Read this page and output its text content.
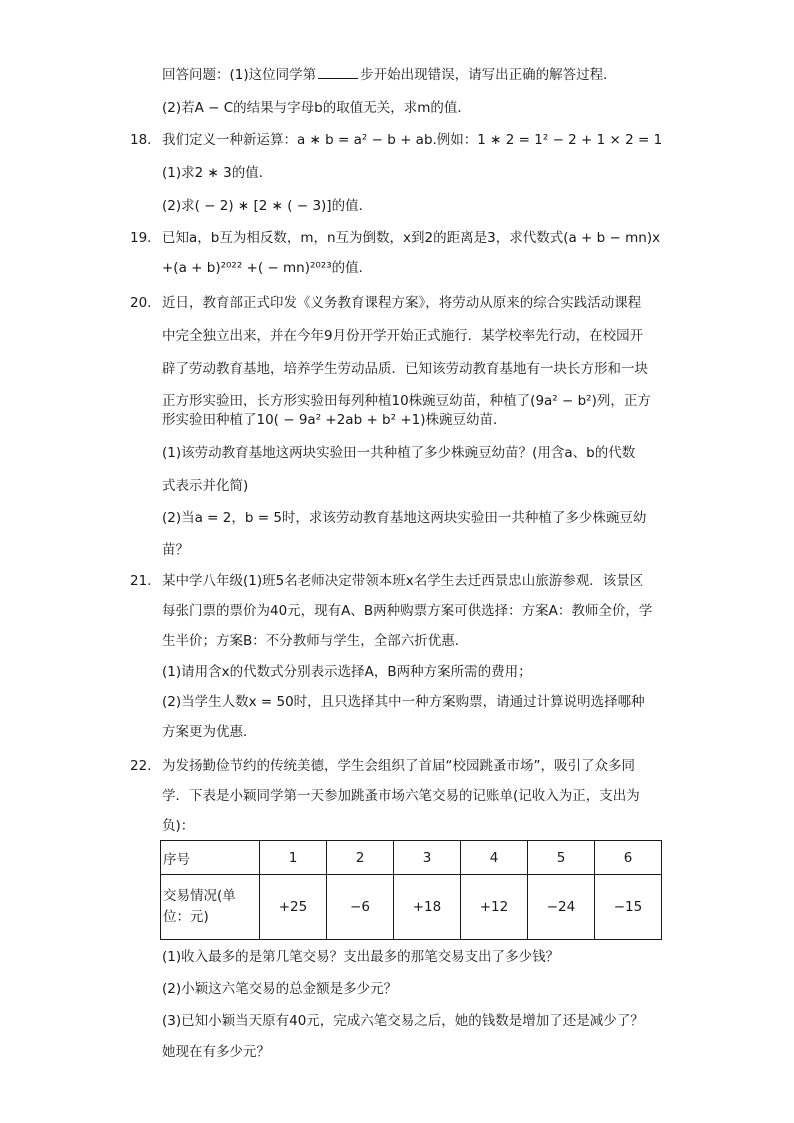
回答问题：(1)这位同学第	步开始出现错误，请写出正确的解答过程．
(2)若A − C的结果与字母b的取值无关，求m的值．
18. 我们定义一种新运算：a ∗ b = a² − b + ab.例如：1 ∗ 2 = 1² − 2 + 1 × 2 = 1
(1)求2 ∗ 3的值．
(2)求( − 2) ∗ [2 ∗ ( − 3)]的值．
19. 已知a，b互为相反数，m，n互为倒数，x到2的距离是3，求代数式(a + b − mn)x
+(a + b)²⁰²² +( − mn)²⁰²³的值．
20. 近日，教育部正式印发《义务教育课程方案》，将劳动从原来的综合实践活动课程
中完全独立出来，并在今年9月份开学开始正式施行．某学校率先行动，在校园开
辟了劳动教育基地，培养学生劳动品质．已知该劳动教育基地有一块长方形和一块
正方形实验田，长方形实验田每列种植10株豌豆幼苗，种植了(9a² − b²)列，正方
形实验田种植了10( − 9a² +2ab + b² +1)株豌豆幼苗．
(1)该劳动教育基地这两块实验田一共种植了多少株豌豆幼苗？(用含a、b的代数
式表示并化简)
(2)当a = 2，b = 5时，求该劳动教育基地这两块实验田一共种植了多少株豌豆幼
苗？
21. 某中学八年级(1)班5名老师决定带领本班x名学生去迁西景忠山旅游参观．该景区
每张门票的票价为40元，现有A、B两种购票方案可供选择：方案A：教师全价，学
生半价；方案B：不分教师与学生，全部六折优惠．
(1)请用含x的代数式分别表示选择A，B两种方案所需的费用；
(2)当学生人数x = 50时，且只选择其中一种方案购票，请通过计算说明选择哪种
方案更为优惠．
22. 为发扬勤俭节约的传统美德，学生会组织了首届“校园跳蚤市场”，吸引了众多同
学．下表是小颖同学第一天参加跳蚤市场六笔交易的记账单(记收入为正，支出为
负)：
序号	1	2	3	4	5	6
交易情况(单位：元)	+25	−6	+18	+12	−24	−15
(1)收入最多的是第几笔交易？支出最多的那笔交易支出了多少钱？
(2)小颖这六笔交易的总金额是多少元？
(3)已知小颖当天原有40元，完成六笔交易之后，她的钱数是增加了还是减少了？
她现在有多少元？
